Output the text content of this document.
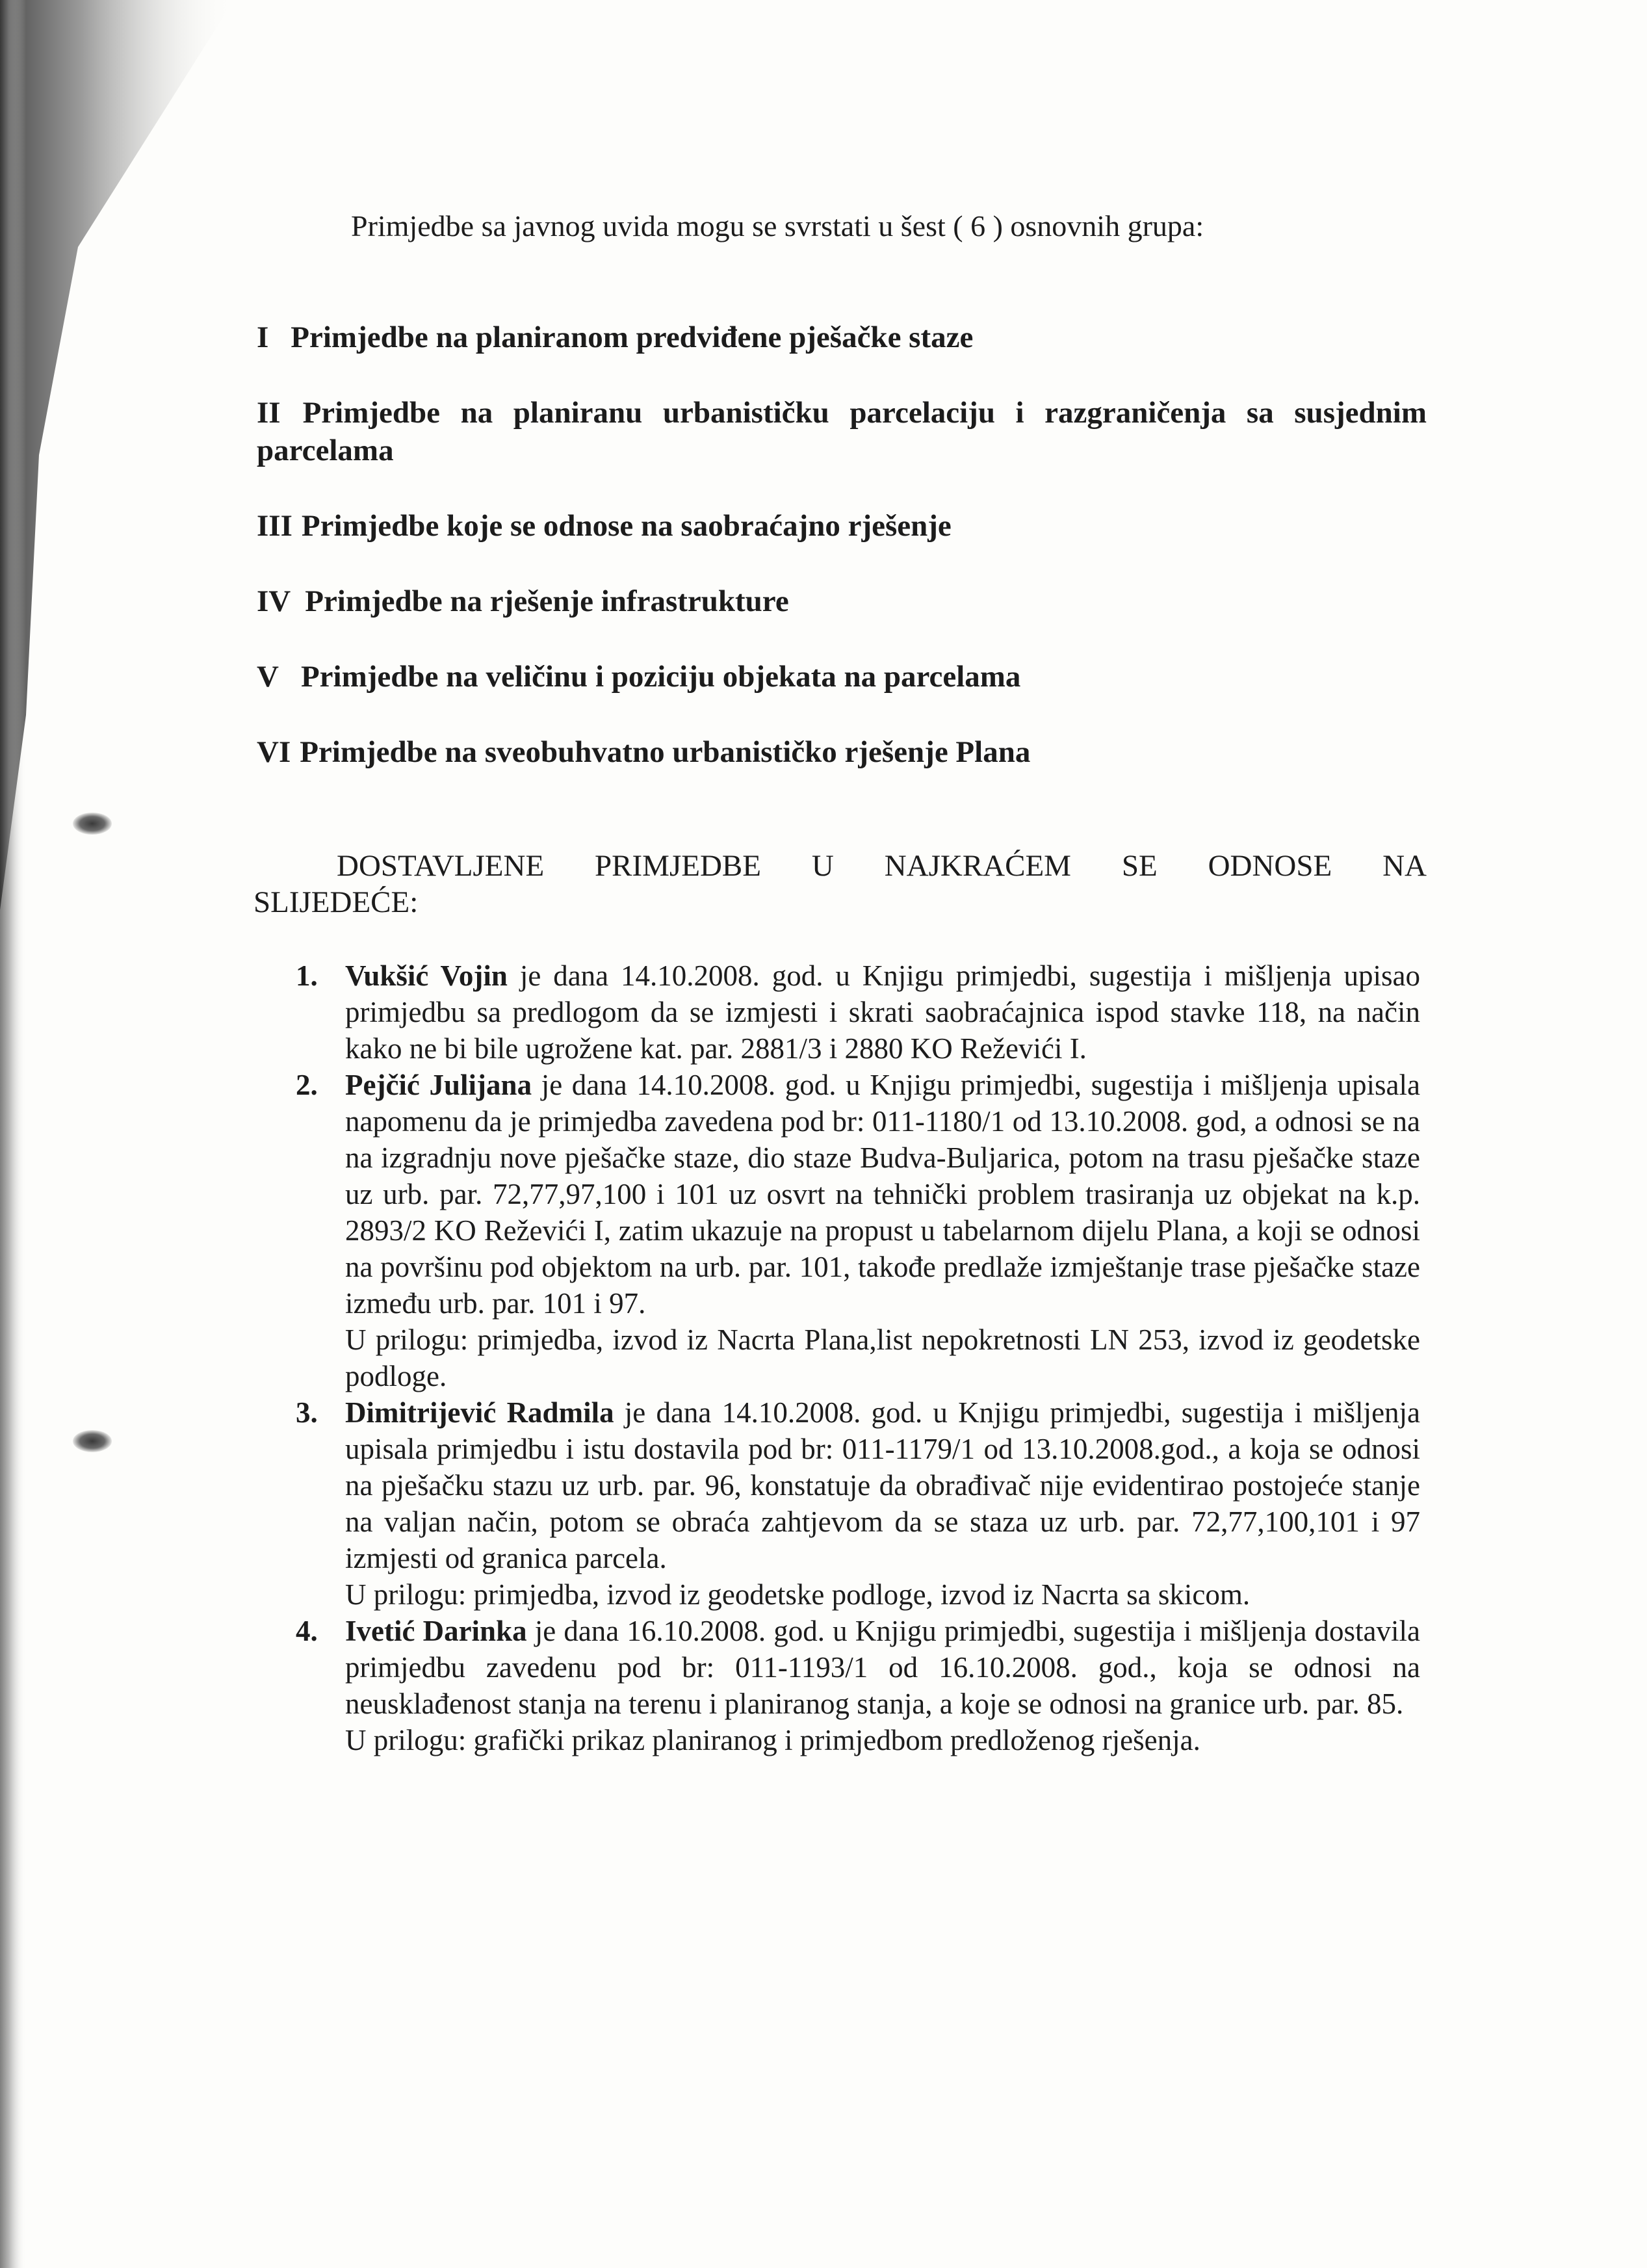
Primjedbe sa javnog uvida mogu se svrstati u šest ( 6 ) osnovnih grupa:
I Primjedbe na planiranom predviđene pješačke staze
II Primjedbe na planiranu urbanističku parcelaciju i razgraničenja sa susjednim parcelama
III Primjedbe koje se odnose na saobraćajno rješenje
IV Primjedbe na rješenje infrastrukture
V Primjedbe na veličinu i poziciju objekata na parcelama
VI Primjedbe na sveobuhvatno urbanističko rješenje Plana
DOSTAVLJENE PRIMJEDBE U NAJKRAĆEM SE ODNOSE NA
SLIJEDEĆE:
1. Vukšić Vojin je dana 14.10.2008. god. u Knjigu primjedbi, sugestija i mišljenja upisao primjedbu sa predlogom da se izmjesti i skrati saobraćajnica ispod stavke 118, na način kako ne bi bile ugrožene kat. par. 2881/3 i 2880 KO Reževići I.
2. Pejčić Julijana je dana 14.10.2008. god. u Knjigu primjedbi, sugestija i mišljenja upisala napomenu da je primjedba zavedena pod br: 011-1180/1 od 13.10.2008. god, a odnosi se na na izgradnju nove pješačke staze, dio staze Budva-Buljarica, potom na trasu pješačke staze uz urb. par. 72,77,97,100 i 101 uz osvrt na tehnički problem trasiranja uz objekat na k.p. 2893/2 KO Reževići I, zatim ukazuje na propust u tabelarnom dijelu Plana, a koji se odnosi na površinu pod objektom na urb. par. 101, takođe predlaže izmještanje trase pješačke staze između urb. par. 101 i 97.
U prilogu: primjedba, izvod iz Nacrta Plana,list nepokretnosti LN 253, izvod iz geodetske podloge.
3. Dimitrijević Radmila je dana 14.10.2008. god. u Knjigu primjedbi, sugestija i mišljenja upisala primjedbu i istu dostavila pod br: 011-1179/1 od 13.10.2008.god., a koja se odnosi na pješačku stazu uz urb. par. 96, konstatuje da obrađivač nije evidentirao postojeće stanje na valjan način, potom se obraća zahtjevom da se staza uz urb. par. 72,77,100,101 i 97 izmjesti od granica parcela.
U prilogu: primjedba, izvod iz geodetske podloge, izvod iz Nacrta sa skicom.
4. Ivetić Darinka je dana 16.10.2008. god. u Knjigu primjedbi, sugestija i mišljenja dostavila primjedbu zavedenu pod br: 011-1193/1 od 16.10.2008. god., koja se odnosi na neusklađenost stanja na terenu i planiranog stanja, a koje se odnosi na granice urb. par. 85.
U prilogu: grafički prikaz planiranog i primjedbom predloženog rješenja.
